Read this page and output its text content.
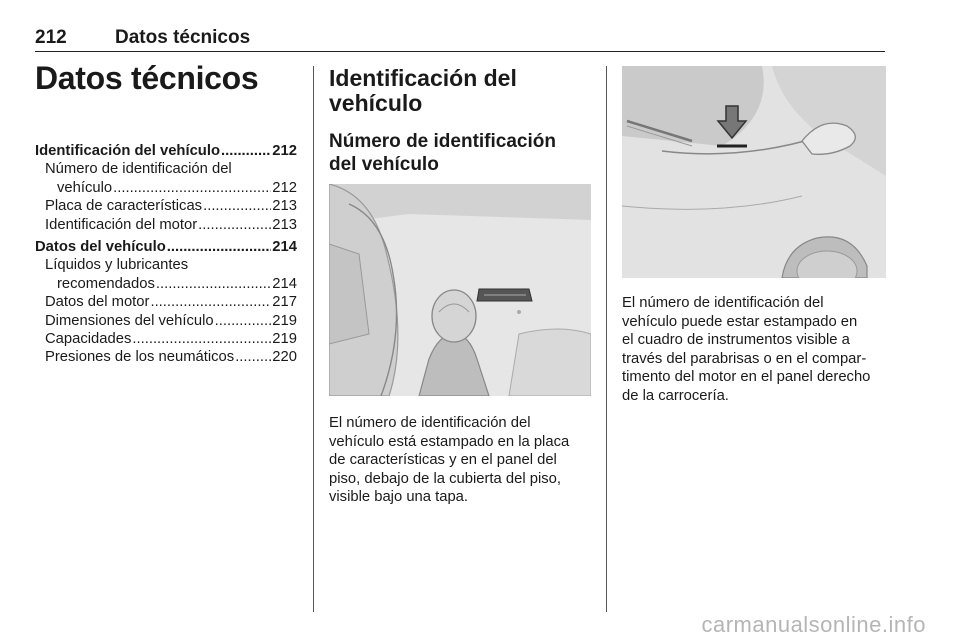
212	Datos técnicos
Datos técnicos
Identificación del vehículo .....	212
Número de identificación del
vehículo .....	212
Placa de características .....	213
Identificación del motor .....	213
Datos del vehículo .....	214
Líquidos y lubricantes
recomendados .....	214
Datos del motor .....	217
Dimensiones del vehículo .....	219
Capacidades .....	219
Presiones de los neumáticos .....	220
Identificación del
vehículo
Número de identificación
del vehículo

El número de identificación del

vehículo está estampado en la placa

de características y en el panel del

piso, debajo de la cubierta del piso,

visible bajo una tapa.

El número de identificación del

vehículo puede estar estampado en

el cuadro de instrumentos visible a

través del parabrisas o en el compar-

timento del motor en el panel derecho

de la carrocería.

carmanualsonline.info
